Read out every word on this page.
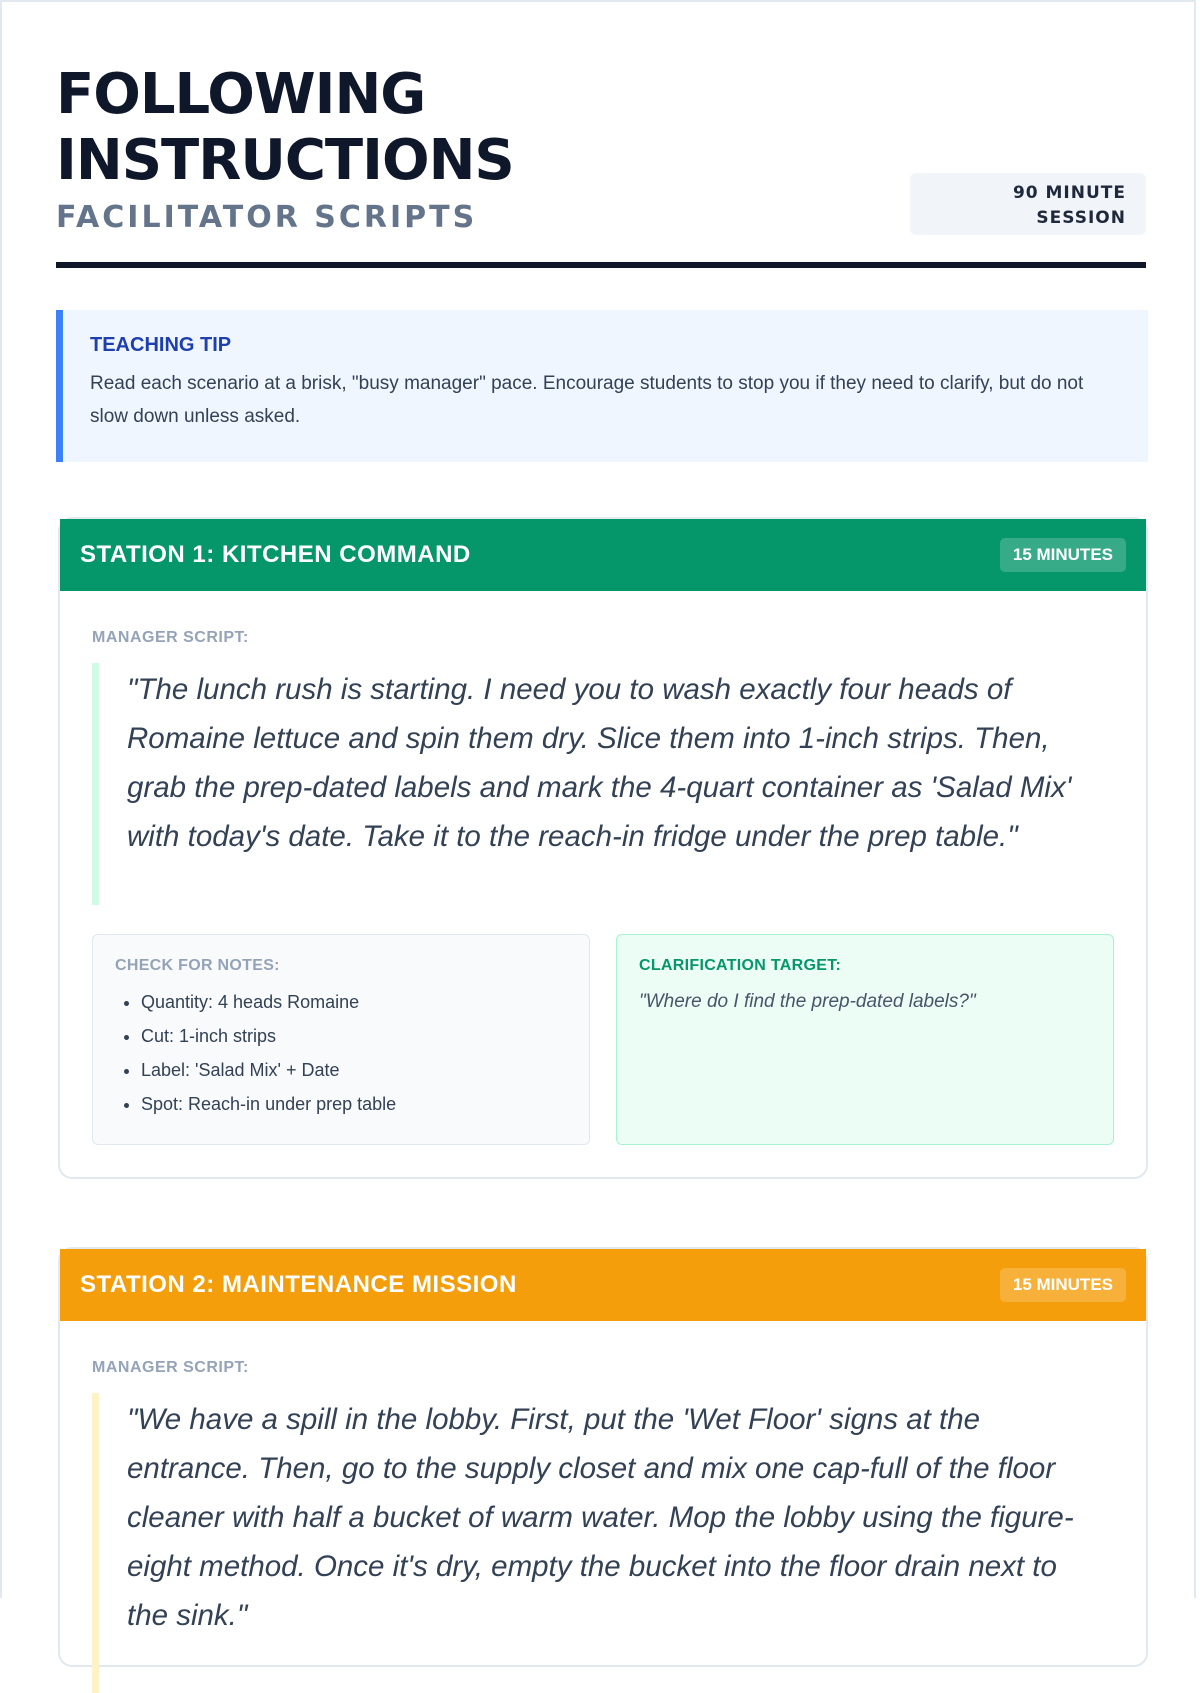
FOLLOWING
INSTRUCTIONS
FACILITATOR SCRIPTS
90 MINUTE
SESSION
TEACHING TIP
Read each scenario at a brisk, "busy manager" pace. Encourage students to stop you if they need to clarify, but do not slow down unless asked.
STATION 1: KITCHEN COMMAND	15 MINUTES
MANAGER SCRIPT:
"The lunch rush is starting. I need you to wash exactly four heads of Romaine lettuce and spin them dry. Slice them into 1-inch strips. Then, grab the prep-dated labels and mark the 4-quart container as 'Salad Mix' with today's date. Take it to the reach-in fridge under the prep table."
CHECK FOR NOTES:
• Quantity: 4 heads Romaine
• Cut: 1-inch strips
• Label: 'Salad Mix' + Date
• Spot: Reach-in under prep table
CLARIFICATION TARGET:
"Where do I find the prep-dated labels?"
STATION 2: MAINTENANCE MISSION	15 MINUTES
MANAGER SCRIPT:
"We have a spill in the lobby. First, put the 'Wet Floor' signs at the entrance. Then, go to the supply closet and mix one cap-full of the floor cleaner with half a bucket of warm water. Mop the lobby using the figure-eight method. Once it's dry, empty the bucket into the floor drain next to the sink."
